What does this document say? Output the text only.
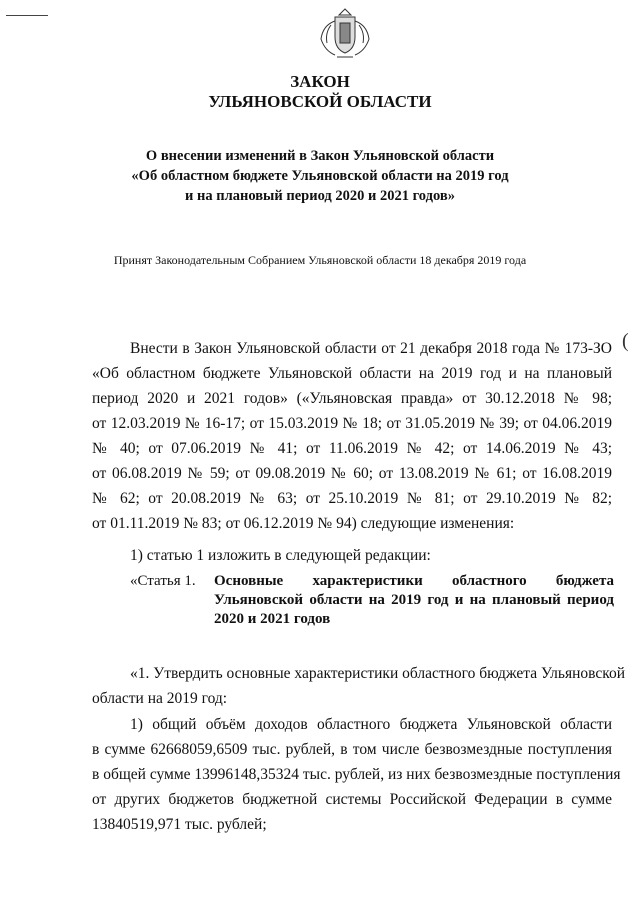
ЗАКОН
УЛЬЯНОВСКОЙ ОБЛАСТИ
О внесении изменений в Закон Ульяновской области
«Об областном бюджете Ульяновской области на 2019 год
и на плановый период 2020 и 2021 годов»
Принят Законодательным Собранием Ульяновской области 18 декабря 2019 года
(
Внести в Закон Ульяновской области от 21 декабря 2018 года № 173-ЗО
«Об областном бюджете Ульяновской области на 2019 год и на плановый
период 2020 и 2021 годов» («Ульяновская правда» от 30.12.2018 № 98;
от 12.03.2019 № 16-17; от 15.03.2019 № 18; от 31.05.2019 № 39; от 04.06.2019
№ 40; от 07.06.2019 № 41; от 11.06.2019 № 42; от 14.06.2019 № 43;
от 06.08.2019 № 59; от 09.08.2019 № 60; от 13.08.2019 № 61; от 16.08.2019
№ 62; от 20.08.2019 № 63; от 25.10.2019 № 81; от 29.10.2019 № 82;
от 01.11.2019 № 83; от 06.12.2019 № 94) следующие изменения:
1) статью 1 изложить в следующей редакции:
«Статья 1. Основные характеристики областного бюджета
Ульяновской области на 2019 год и на плановый период
2020 и 2021 годов
«1. Утвердить основные характеристики областного бюджета Ульяновской
области на 2019 год:
1) общий объём доходов областного бюджета Ульяновской области
в сумме 62668059,6509 тыс. рублей, в том числе безвозмездные поступления
в общей сумме 13996148,35324 тыс. рублей, из них безвозмездные поступления
от других бюджетов бюджетной системы Российской Федерации в сумме
13840519,971 тыс. рублей;
